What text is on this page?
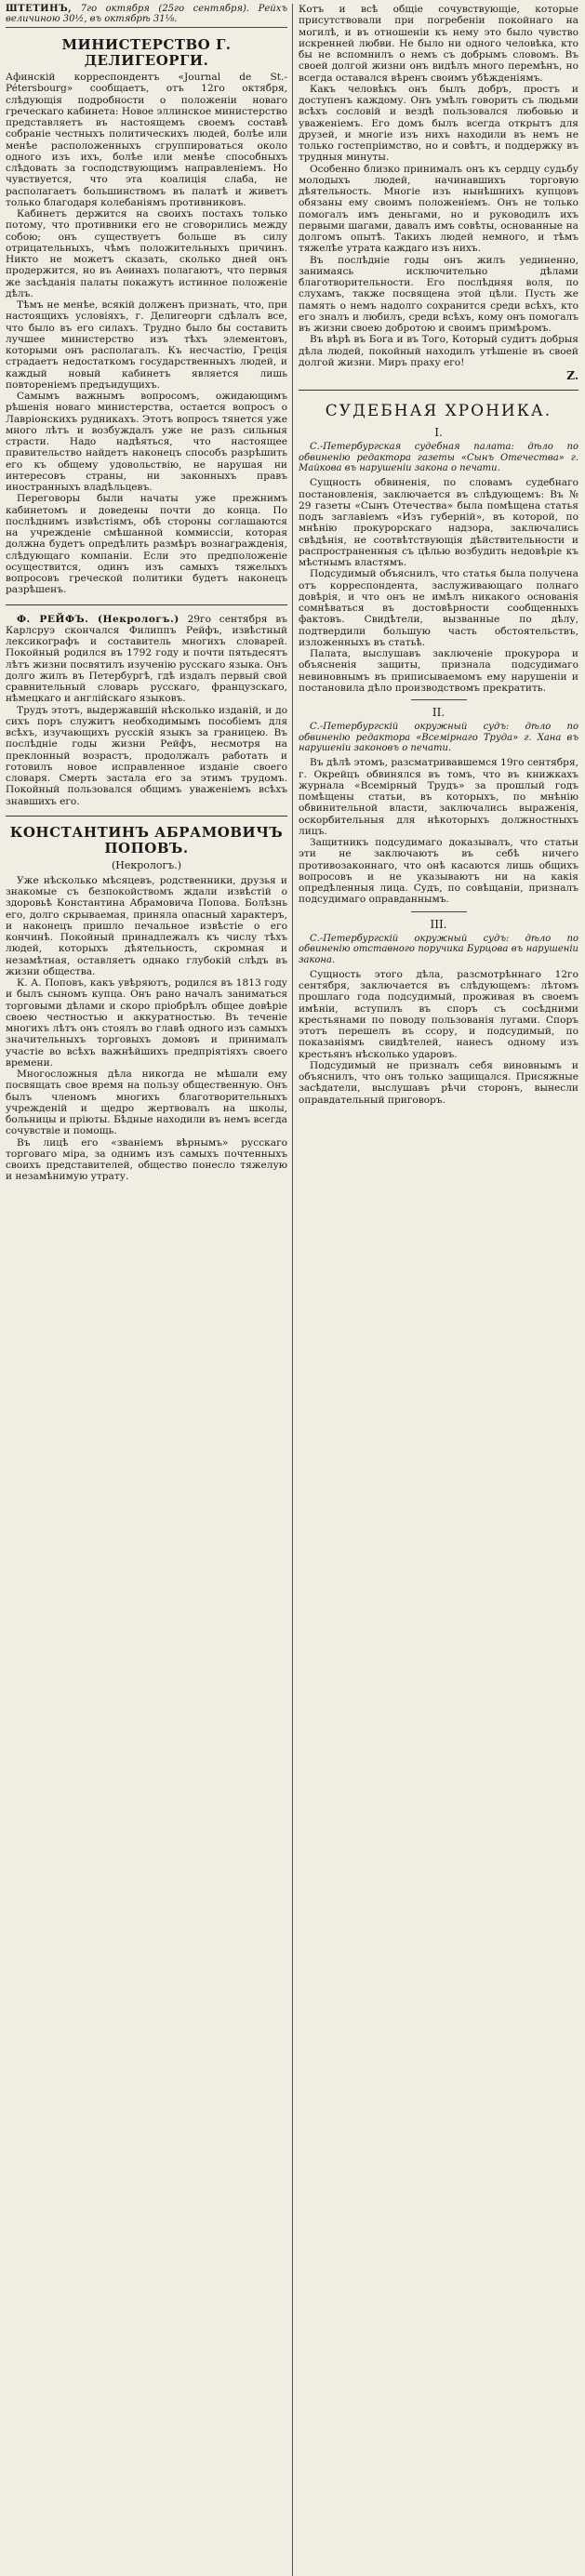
ШТЕТИНЪ, 7го октября (25го сентября). Рейхъ величиною 30½, въ октябрѣ 31⅛.

МИНИСТЕРСТВО Г. ДЕЛИГЕОРГИ.

Афинскій корреспондентъ «Journal de St.-Pétersbourg» сообщаетъ, отъ 12го октября, слѣдующія подробности о положеніи новаго греческаго кабинета: Новое эллинское министерство представляетъ въ настоящемъ своемъ составѣ собраніе честныхъ политическихъ людей, болѣе или менѣе расположенныхъ сгруппироваться около одного изъ ихъ, болѣе или менѣе способныхъ слѣдовать за господствующимъ направленіемъ. Но чувствуется, что эта коалиція слаба, не располагаетъ большинствомъ въ палатѣ и живетъ только благодаря колебаніямъ противниковъ.

Кабинетъ держится на своихъ постахъ только потому, что противники его не сговорились между собою; онъ существуетъ больше въ силу отрицательныхъ, чѣмъ положительныхъ причинъ. Никто не можетъ сказать, сколько дней онъ продержится, но въ Аѳинахъ полагаютъ, что первыя же засѣданія палаты покажутъ истинное положеніе дѣлъ.

Тѣмъ не менѣе, всякій долженъ признать, что, при настоящихъ условіяхъ, г. Делигеорги сдѣлалъ все, что было въ его силахъ. Трудно было бы составить лучшее министерство изъ тѣхъ элементовъ, которыми онъ располагалъ. Къ несчастію, Греція страдаетъ недостаткомъ государственныхъ людей, и каждый новый кабинетъ является лишь повтореніемъ предъидущихъ.

Самымъ важнымъ вопросомъ, ожидающимъ рѣшенія новаго министерства, остается вопросъ о Лавріонскихъ рудникахъ. Этотъ вопросъ тянется уже много лѣтъ и возбуждалъ уже не разъ сильныя страсти. Надо надѣяться, что настоящее правительство найдетъ наконецъ способъ разрѣшить его къ общему удовольствію, не нарушая ни интересовъ страны, ни законныхъ правъ иностранныхъ владѣльцевъ.

Переговоры были начаты уже прежнимъ кабинетомъ и доведены почти до конца. По послѣднимъ извѣстіямъ, обѣ стороны соглашаются на учрежденіе смѣшанной коммиссіи, которая должна будетъ опредѣлить размѣръ вознагражденія, слѣдующаго компаніи. Если это предположеніе осуществится, одинъ изъ самыхъ тяжелыхъ вопросовъ греческой политики будетъ наконецъ разрѣшенъ.

Ф. РЕЙФЪ. (Некрологъ.) 29го сентября въ Карлсруэ скончался Филиппъ Рейфъ, извѣстный лексикографъ и составитель многихъ словарей. Покойный родился въ 1792 году и почти пятьдесятъ лѣтъ жизни посвятилъ изученію русскаго языка. Онъ долго жилъ въ Петербургѣ, гдѣ издалъ первый свой сравнительный словарь русскаго, французскаго, нѣмецкаго и англійскаго языковъ.

Трудъ этотъ, выдержавшій нѣсколько изданій, и до сихъ поръ служитъ необходимымъ пособіемъ для всѣхъ, изучающихъ русскій языкъ за границею. Въ послѣдніе годы жизни Рейфъ, несмотря на преклонный возрастъ, продолжалъ работать и готовилъ новое исправленное изданіе своего словаря. Смерть застала его за этимъ трудомъ. Покойный пользовался общимъ уваженіемъ всѣхъ знавшихъ его.

КОНСТАНТИНЪ АБРАМОВИЧЪ ПОПОВЪ.
(Некрологъ.)

Уже нѣсколько мѣсяцевъ, родственники, друзья и знакомые съ безпокойствомъ ждали извѣстій о здоровьѣ Константина Абрамовича Попова. Болѣзнь его, долго скрываемая, приняла опасный характеръ, и наконецъ пришло печальное извѣстіе о его кончинѣ. Покойный принадлежалъ къ числу тѣхъ людей, которыхъ дѣятельность, скромная и незамѣтная, оставляетъ однако глубокій слѣдъ въ жизни общества.

К. А. Поповъ, какъ увѣряютъ, родился въ 1813 году и былъ сыномъ купца. Онъ рано началъ заниматься торговыми дѣлами и скоро пріобрѣлъ общее довѣріе своею честностью и аккуратностью. Въ теченіе многихъ лѣтъ онъ стоялъ во главѣ одного изъ самыхъ значительныхъ торговыхъ домовъ и принималъ участіе во всѣхъ важнѣйшихъ предпріятіяхъ своего времени.

Многосложныя дѣла никогда не мѣшали ему посвящать свое время на пользу общественную. Онъ былъ членомъ многихъ благотворительныхъ учрежденій и щедро жертвовалъ на школы, больницы и пріюты. Бѣдные находили въ немъ всегда сочувствіе и помощь.

Въ лицѣ его «званіемъ вѣрнымъ» русскаго торговаго міра, за однимъ изъ самыхъ почтенныхъ своихъ представителей, общество понесло тяжелую и незамѣнимую утрату.

Котъ и всѣ общіе сочувствующіе, которые присутствовали при погребеніи покойнаго на могилѣ, и въ отношеніи къ нему это было чувство искренней любви. Не было ни одного человѣка, кто бы не вспомнилъ о немъ съ добрымъ словомъ. Въ своей долгой жизни онъ видѣлъ много перемѣнъ, но всегда оставался вѣренъ своимъ убѣжденіямъ.

Какъ человѣкъ онъ былъ добръ, простъ и доступенъ каждому. Онъ умѣлъ говорить съ людьми всѣхъ сословій и вездѣ пользовался любовью и уваженіемъ. Его домъ былъ всегда открытъ для друзей, и многіе изъ нихъ находили въ немъ не только гостепріимство, но и совѣтъ, и поддержку въ трудныя минуты.

Особенно близко принималъ онъ къ сердцу судьбу молодыхъ людей, начинавшихъ торговую дѣятельность. Многіе изъ нынѣшнихъ купцовъ обязаны ему своимъ положеніемъ. Онъ не только помогалъ имъ деньгами, но и руководилъ ихъ первыми шагами, давалъ имъ совѣты, основанные на долгомъ опытѣ. Такихъ людей немного, и тѣмъ тяжелѣе утрата каждаго изъ нихъ.

Въ послѣдніе годы онъ жилъ уединенно, занимаясь исключительно дѣлами благотворительности. Его послѣдняя воля, по слухамъ, также посвящена этой цѣли. Пусть же память о немъ надолго сохранится среди всѣхъ, кто его зналъ и любилъ, среди всѣхъ, кому онъ помогалъ въ жизни своею добротою и своимъ примѣромъ.

Въ вѣрѣ въ Бога и въ Того, Который судитъ добрыя дѣла людей, покойный находилъ утѣшеніе въ своей долгой жизни. Миръ праху его!

Z.

СУДЕБНАЯ ХРОНИКА.
I.

С.-Петербургская судебная палата: дѣло по обвиненію редактора газеты «Сынъ Отечества» г. Майкова въ нарушеніи закона о печати.

Сущность обвиненія, по словамъ судебнаго постановленія, заключается въ слѣдующемъ: Въ № 29 газеты «Сынъ Отечества» была помѣщена статья подъ заглавіемъ «Изъ губерній», въ которой, по мнѣнію прокурорскаго надзора, заключались свѣдѣнія, не соотвѣтствующія дѣйствительности и распространенныя съ цѣлью возбудить недовѣріе къ мѣстнымъ властямъ.

Подсудимый объяснилъ, что статья была получена отъ корреспондента, заслуживающаго полнаго довѣрія, и что онъ не имѣлъ никакого основанія сомнѣваться въ достовѣрности сообщенныхъ фактовъ. Свидѣтели, вызванные по дѣлу, подтвердили большую часть обстоятельствъ, изложенныхъ въ статьѣ.

Палата, выслушавъ заключеніе прокурора и объясненія защиты, признала подсудимаго невиновнымъ въ приписываемомъ ему нарушеніи и постановила дѣло производствомъ прекратить.

II.

С.-Петербургскій окружный судъ: дѣло по обвиненію редактора «Всемірнаго Труда» г. Хана въ нарушеніи законовъ о печати.

Въ дѣлѣ этомъ, разсматривавшемся 19го сентября, г. Окрейцъ обвинялся въ томъ, что въ книжкахъ журнала «Всемірный Трудъ» за прошлый годъ помѣщены статьи, въ которыхъ, по мнѣнію обвинительной власти, заключались выраженія, оскорбительныя для нѣкоторыхъ должностныхъ лицъ.

Защитникъ подсудимаго доказывалъ, что статьи эти не заключаютъ въ себѣ ничего противозаконнаго, что онѣ касаются лишь общихъ вопросовъ и не указываютъ ни на какія опредѣленныя лица. Судъ, по совѣщаніи, призналъ подсудимаго оправданнымъ.

III.

С.-Петербургскій окружный судъ: дѣло по обвиненію отставного поручика Бурцова въ нарушеніи закона.

Сущность этого дѣла, разсмотрѣннаго 12го сентября, заключается въ слѣдующемъ: лѣтомъ прошлаго года подсудимый, проживая въ своемъ имѣніи, вступилъ въ споръ съ сосѣдними крестьянами по поводу пользованія лугами. Споръ этотъ перешелъ въ ссору, и подсудимый, по показаніямъ свидѣтелей, нанесъ одному изъ крестьянъ нѣсколько ударовъ.

Подсудимый не призналъ себя виновнымъ и объяснилъ, что онъ только защищался. Присяжные засѣдатели, выслушавъ рѣчи сторонъ, вынесли оправдательный приговоръ.
